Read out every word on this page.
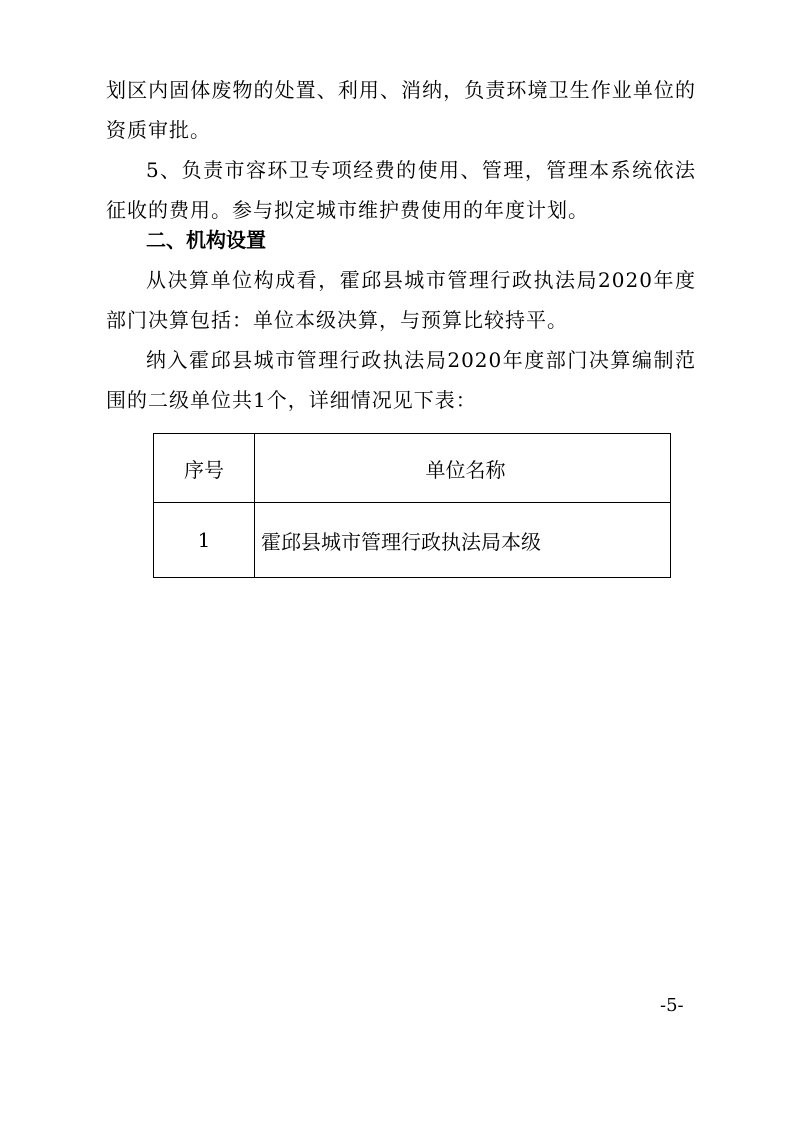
划区内固体废物的处置、利用、消纳，负责环境卫生作业单位的资质审批。

5、负责市容环卫专项经费的使用、管理，管理本系统依法征收的费用。参与拟定城市维护费使用的年度计划。

二、机构设置

从决算单位构成看，霍邱县城市管理行政执法局2020年度部门决算包括：单位本级决算，与预算比较持平。

纳入霍邱县城市管理行政执法局2020年度部门决算编制范围的二级单位共1个，详细情况见下表：

序号	单位名称
1	霍邱县城市管理行政执法局本级
-5-
